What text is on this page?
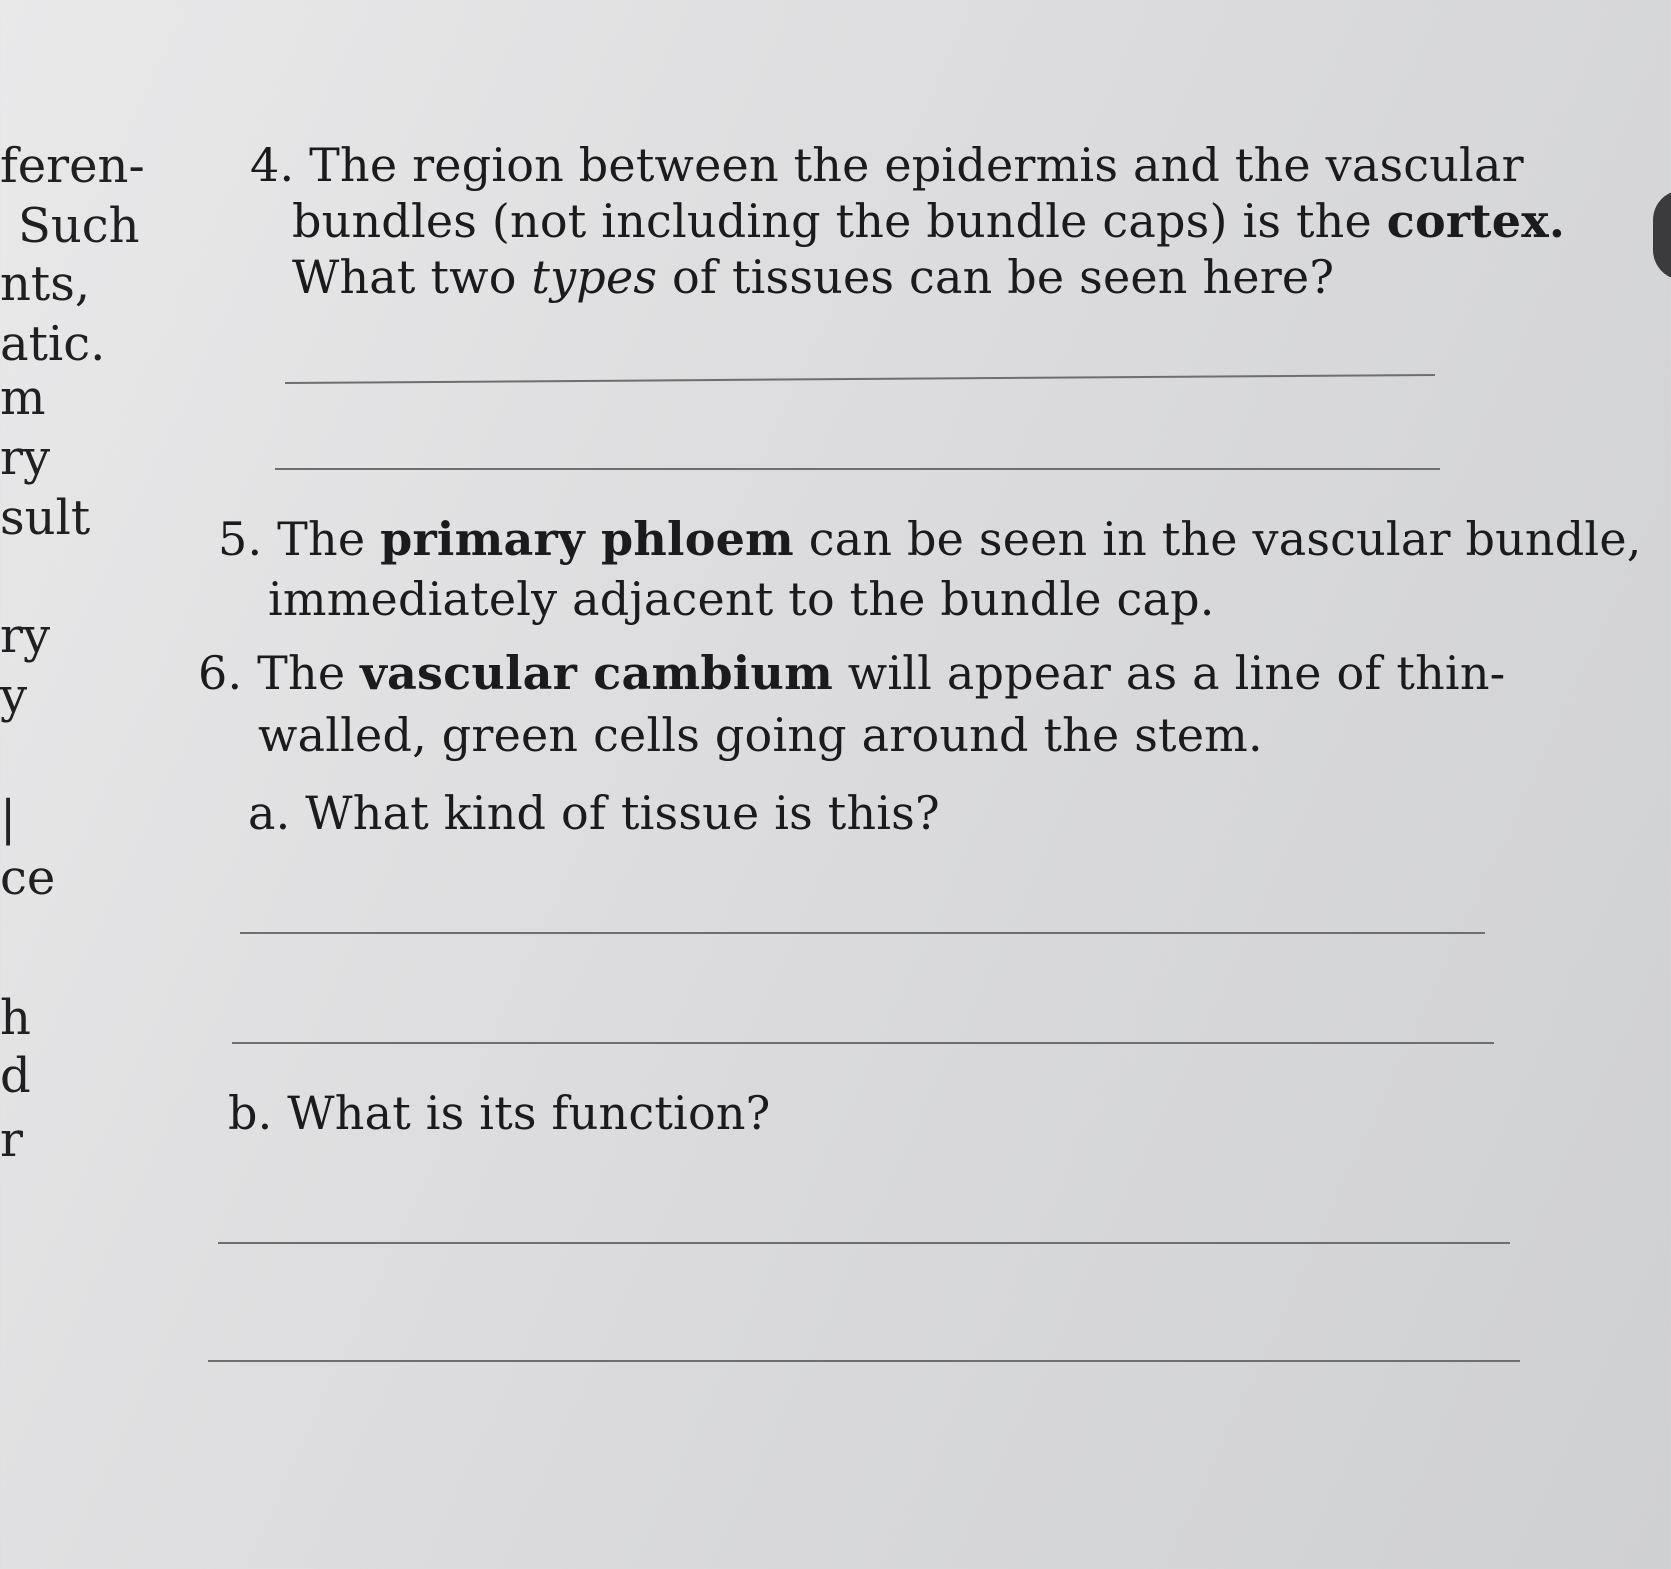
feren-
Such
nts,
atic.
m
ry
sult
ry
y
|
ce
h
d
r
4. The region between the epidermis and the vascular
bundles (not including the bundle caps) is the cortex.
What two types of tissues can be seen here?
5. The primary phloem can be seen in the vascular bundle,
immediately adjacent to the bundle cap.
6. The vascular cambium will appear as a line of thin-
walled, green cells going around the stem.
a. What kind of tissue is this?
b. What is its function?
